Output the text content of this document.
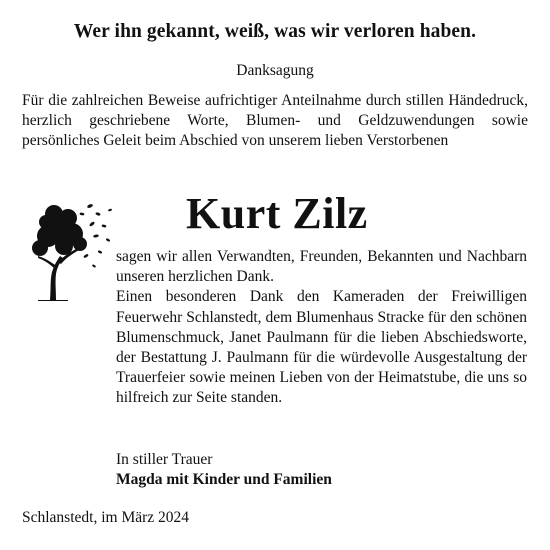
Wer ihn gekannt, weiß, was wir verloren haben.
Danksagung
Für die zahlreichen Beweise aufrichtiger Anteilnahme durch stillen Händedruck, herzlich geschriebene Worte, Blumen- und Geldzuwendungen sowie persönliches Geleit beim Abschied von unserem lieben Verstorbenen
Kurt Zilz

sagen wir allen Verwandten, Freunden, Bekannten und Nachbarn unseren herzlichen Dank.

Einen besonderen Dank den Kameraden der Freiwilligen Feuerwehr Schlanstedt, dem Blumenhaus Stracke für den schönen Blumenschmuck, Janet Paulmann für die lieben Abschiedsworte, der Bestattung J. Paulmann für die würdevolle Ausgestaltung der Trauerfeier sowie meinen Lieben von der Heimatstube, die uns so hilfreich zur Seite standen.

In stiller Trauer
Magda mit Kinder und Familien
Schlanstedt, im März 2024
